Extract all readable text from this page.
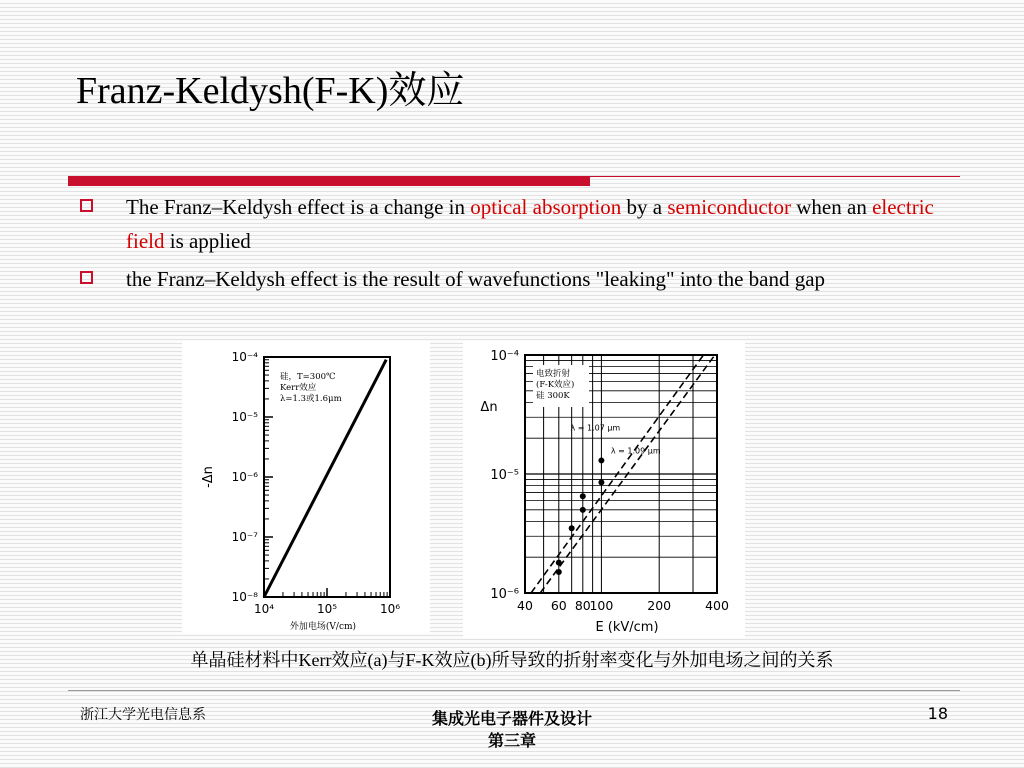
Franz-Keldysh(F-K)效应
The Franz–Keldysh effect is a change in optical absorption by a semiconductor when an electric field is applied
the Franz–Keldysh effect is the result of wavefunctions "leaking" into the band gap
10⁻⁴
10⁻⁵
10⁻⁶
10⁻⁷
10⁻⁸
10⁴	10⁵	10⁶
-Δn
外加电场(V/cm)
硅，T=300℃
Kerr效应
λ=1.3或1.6μm
10⁻⁴
10⁻⁵
10⁻⁶
40 60 80
100	200	400
λ = 1.07 μm
λ = 1.09 μm
Δn
E (kV/cm)
电致折射
(F-K效应)
硅 300K
单晶硅材料中Kerr效应(a)与F-K效应(b)所导致的折射率变化与外加电场之间的关系
浙江大学光电信息系	集成光电子器件及设计
第三章
18
